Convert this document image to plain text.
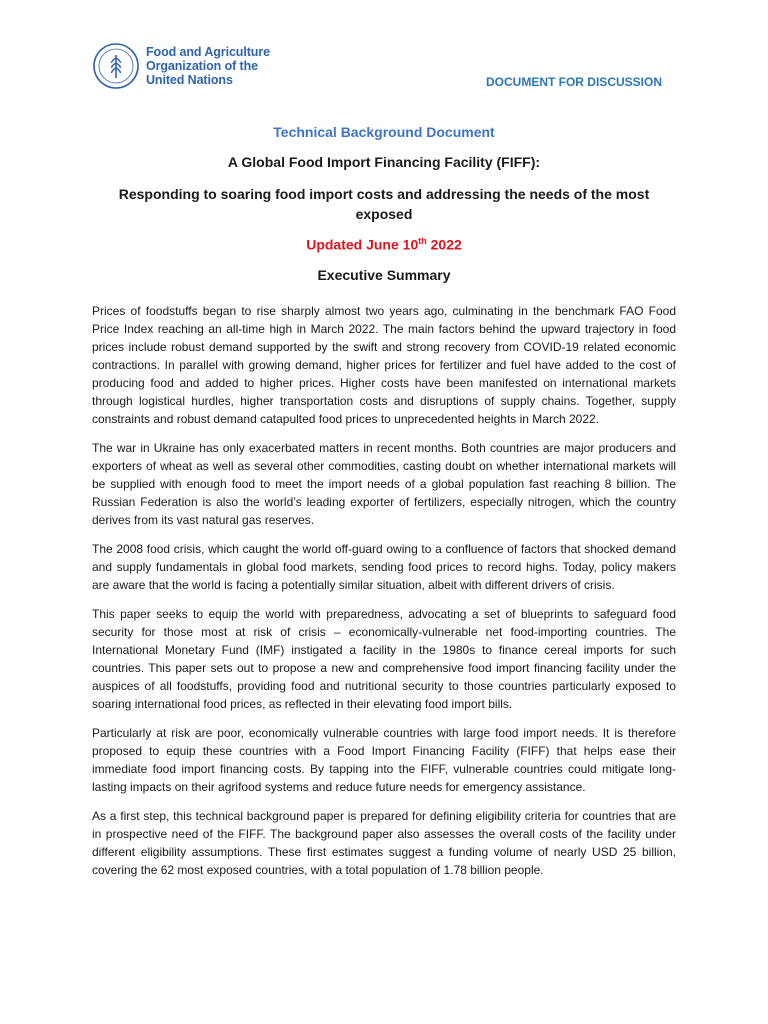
Food and Agriculture
Organization of the
United Nations	DOCUMENT FOR DISCUSSION
Technical Background Document
A Global Food Import Financing Facility (FIFF):
Responding to soaring food import costs and addressing the needs of the most exposed
Updated June 10th 2022
Executive Summary

Prices of foodstuffs began to rise sharply almost two years ago, culminating in the benchmark FAO Food Price Index reaching an all-time high in March 2022. The main factors behind the upward trajectory in food prices include robust demand supported by the swift and strong recovery from COVID-19 related economic contractions. In parallel with growing demand, higher prices for fertilizer and fuel have added to the cost of producing food and added to higher prices. Higher costs have been manifested on international markets through logistical hurdles, higher transportation costs and disruptions of supply chains. Together, supply constraints and robust demand catapulted food prices to unprecedented heights in March 2022.

The war in Ukraine has only exacerbated matters in recent months. Both countries are major producers and exporters of wheat as well as several other commodities, casting doubt on whether international markets will be supplied with enough food to meet the import needs of a global population fast reaching 8 billion. The Russian Federation is also the world’s leading exporter of fertilizers, especially nitrogen, which the country derives from its vast natural gas reserves.

The 2008 food crisis, which caught the world off-guard owing to a confluence of factors that shocked demand and supply fundamentals in global food markets, sending food prices to record highs. Today, policy makers are aware that the world is facing a potentially similar situation, albeit with different drivers of crisis.

This paper seeks to equip the world with preparedness, advocating a set of blueprints to safeguard food security for those most at risk of crisis – economically-vulnerable net food-importing countries. The International Monetary Fund (IMF) instigated a facility in the 1980s to finance cereal imports for such countries. This paper sets out to propose a new and comprehensive food import financing facility under the auspices of all foodstuffs, providing food and nutritional security to those countries particularly exposed to soaring international food prices, as reflected in their elevating food import bills.

Particularly at risk are poor, economically vulnerable countries with large food import needs. It is therefore proposed to equip these countries with a Food Import Financing Facility (FIFF) that helps ease their immediate food import financing costs. By tapping into the FIFF, vulnerable countries could mitigate long-lasting impacts on their agrifood systems and reduce future needs for emergency assistance.

As a first step, this technical background paper is prepared for defining eligibility criteria for countries that are in prospective need of the FIFF. The background paper also assesses the overall costs of the facility under different eligibility assumptions. These first estimates suggest a funding volume of nearly USD 25 billion, covering the 62 most exposed countries, with a total population of 1.78 billion people.
